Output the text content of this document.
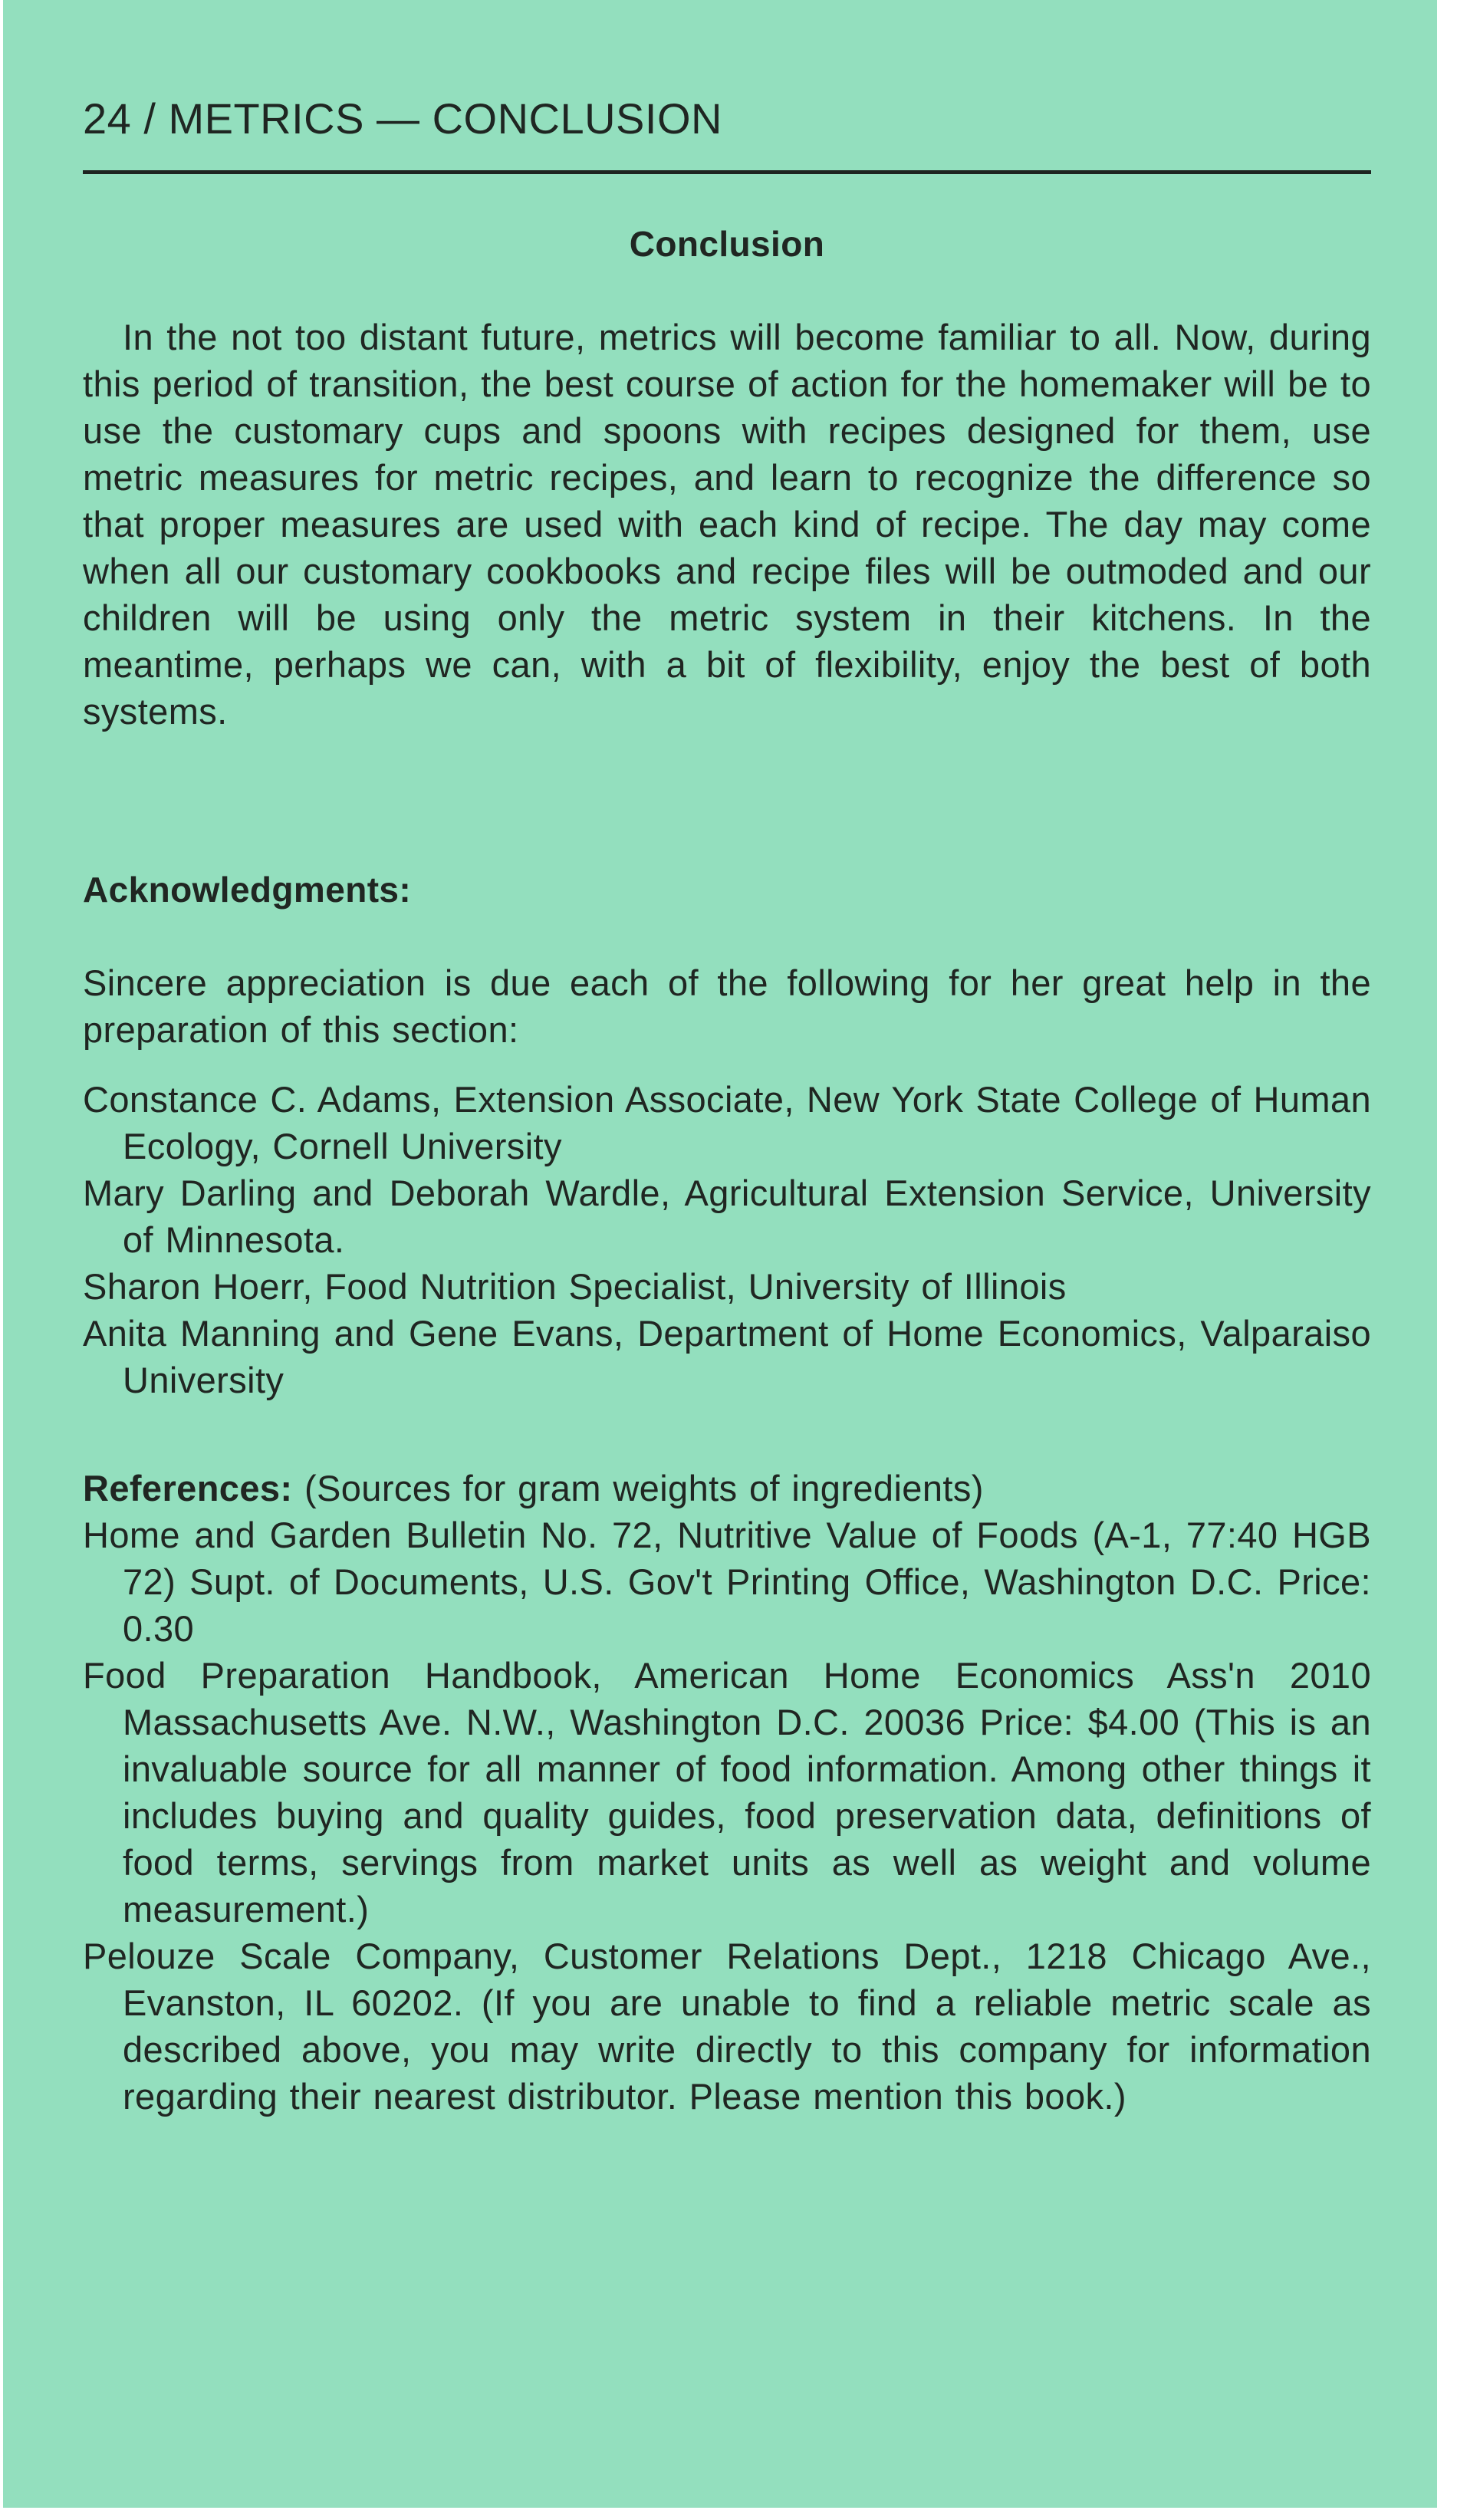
24 / METRICS — CONCLUSION
Conclusion

In the not too distant future, metrics will become familiar to all. Now, during this period of transition, the best course of action for the homemaker will be to use the customary cups and spoons with recipes designed for them, use metric measures for metric recipes, and learn to recognize the difference so that proper measures are used with each kind of recipe. The day may come when all our customary cookbooks and recipe files will be outmoded and our children will be using only the metric system in their kitchens. In the meantime, perhaps we can, with a bit of flexibility, enjoy the best of both systems.

Acknowledgments:

Sincere appreciation is due each of the following for her great help in the preparation of this section:

Constance C. Adams, Extension Associate, New York State College of Human Ecology, Cornell University

Mary Darling and Deborah Wardle, Agricultural Extension Service, University of Minnesota.

Sharon Hoerr, Food Nutrition Specialist, University of Illinois

Anita Manning and Gene Evans, Department of Home Economics, Valparaiso University

References: (Sources for gram weights of ingredients)

Home and Garden Bulletin No. 72, Nutritive Value of Foods (A-1, 77:40 HGB 72) Supt. of Documents, U.S. Gov't Printing Office, Washington D.C. Price: 0.30

Food Preparation Handbook, American Home Economics Ass'n 2010 Massachusetts Ave. N.W., Washington D.C. 20036 Price: $4.00 (This is an invaluable source for all manner of food information. Among other things it includes buying and quality guides, food preservation data, definitions of food terms, servings from market units as well as weight and volume measurement.)

Pelouze Scale Company, Customer Relations Dept., 1218 Chicago Ave., Evanston, IL 60202. (If you are unable to find a reliable metric scale as described above, you may write directly to this company for information regarding their nearest distributor. Please mention this book.)
